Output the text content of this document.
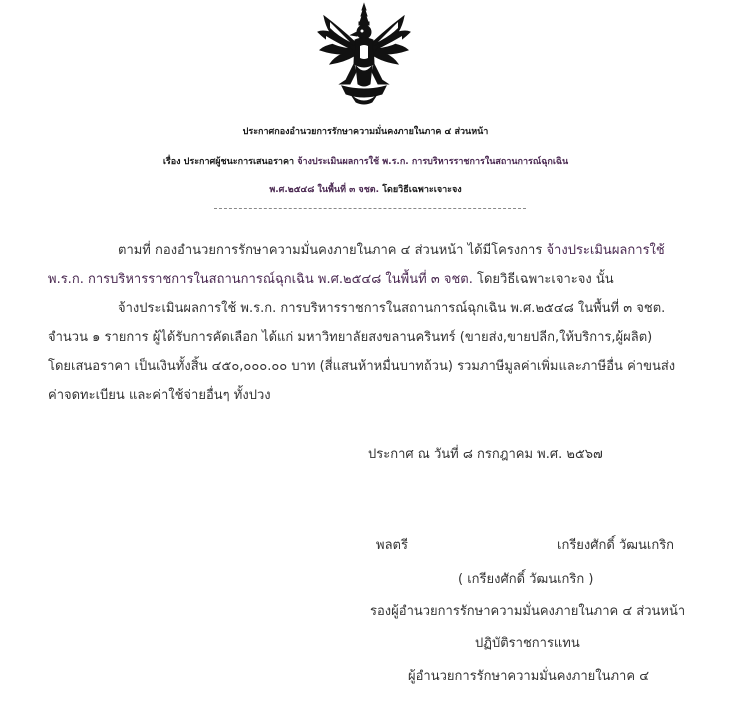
ประกาศกองอำนวยการรักษาความมั่นคงภายในภาค ๔ ส่วนหน้า
เรื่อง ประกาศผู้ชนะการเสนอราคา จ้างประเมินผลการใช้ พ.ร.ก. การบริหารราชการในสถานการณ์ฉุกเฉิน
พ.ศ.๒๕๔๘ ในพื้นที่ ๓ จชต. โดยวิธีเฉพาะเจาะจง
ตามที่ กองอำนวยการรักษาความมั่นคงภายในภาค ๔ ส่วนหน้า ได้มีโครงการ จ้างประเมินผลการใช้
พ.ร.ก. การบริหารราชการในสถานการณ์ฉุกเฉิน พ.ศ.๒๕๔๘ ในพื้นที่ ๓ จชต. โดยวิธีเฉพาะเจาะจง นั้น
จ้างประเมินผลการใช้ พ.ร.ก. การบริหารราชการในสถานการณ์ฉุกเฉิน พ.ศ.๒๕๔๘ ในพื้นที่ ๓ จชต.
จำนวน ๑ รายการ ผู้ได้รับการคัดเลือก ได้แก่ มหาวิทยาลัยสงขลานครินทร์ (ขายส่ง,ขายปลีก,ให้บริการ,ผู้ผลิต)
โดยเสนอราคา เป็นเงินทั้งสิ้น ๔๕๐,๐๐๐.๐๐ บาท (สี่แสนห้าหมื่นบาทถ้วน) รวมภาษีมูลค่าเพิ่มและภาษีอื่น ค่าขนส่ง
ค่าจดทะเบียน และค่าใช้จ่ายอื่นๆ ทั้งปวง
ประกาศ ณ วันที่ ๘ กรกฎาคม พ.ศ. ๒๕๖๗
พลตรี	เกรียงศักดิ์ วัฒนเกริก
( เกรียงศักดิ์ วัฒนเกริก )
รองผู้อำนวยการรักษาความมั่นคงภายในภาค ๔ ส่วนหน้า
ปฏิบัติราชการแทน
ผู้อำนวยการรักษาความมั่นคงภายในภาค ๔
